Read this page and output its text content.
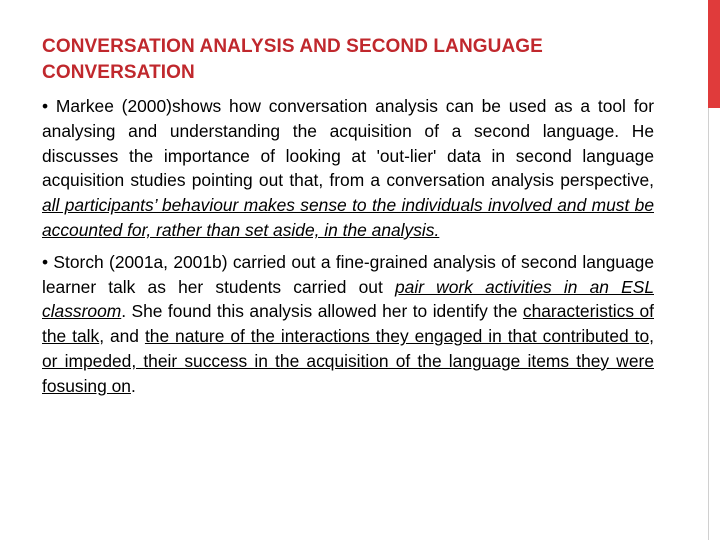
CONVERSATION ANALYSIS AND SECOND LANGUAGE
CONVERSATION

• Markee (2000)shows how conversation analysis can be used as a tool for analysing and understanding the acquisition of a second language. He discusses the importance of looking at 'out-lier' data in second language acquisition studies pointing out that, from a conversation analysis perspective, all participants’ behaviour makes sense to the individuals involved and must be accounted for, rather than set aside, in the analysis.

• Storch (2001a, 2001b) carried out a fine-grained analysis of second language learner talk as her students carried out pair work activities in an ESL classroom. She found this analysis allowed her to identify the characteristics of the talk, and the nature of the interactions they engaged in that contributed to, or impeded, their success in the acquisition of the language items they were fosusing on.
